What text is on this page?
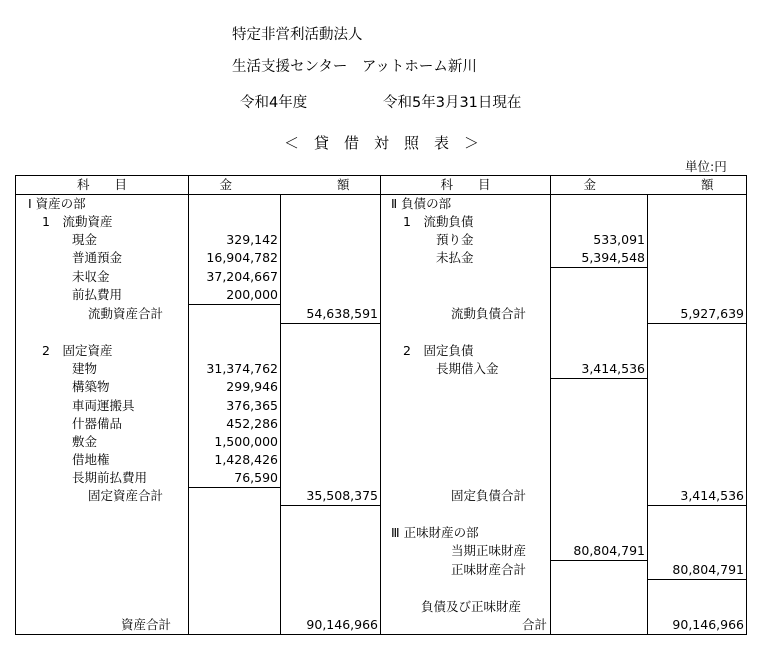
特定非営利活動法人
生活支援センター　アットホーム新川
令和4年度	令和5年3月31日現在
＜　貸　借　対　照　表　＞
単位:円
科　　目	金 額		科　　目	金 額	
Ⅰ 資産の部			Ⅱ 負債の部		
1　流動資産			1　流動負債		
現金	329,142		預り金	533,091	
普通預金	16,904,782		未払金	5,394,548	
未収金	37,204,667				
前払費用	200,000				
流動資産合計		54,638,591	流動負債合計		5,927,639

2　固定資産			2　固定負債		
建物	31,374,762		長期借入金	3,414,536	
構築物	299,946				
車両運搬具	376,365				
什器備品	452,286				
敷金	1,500,000				
借地権	1,428,426				
長期前払費用	76,590				
固定資産合計		35,508,375	固定負債合計		3,414,536

			Ⅲ 正味財産の部		
			当期正味財産	80,804,791	
			正味財産合計		80,804,791

			負債及び正味財産		
資産合計		90,146,966	合計		90,146,966
